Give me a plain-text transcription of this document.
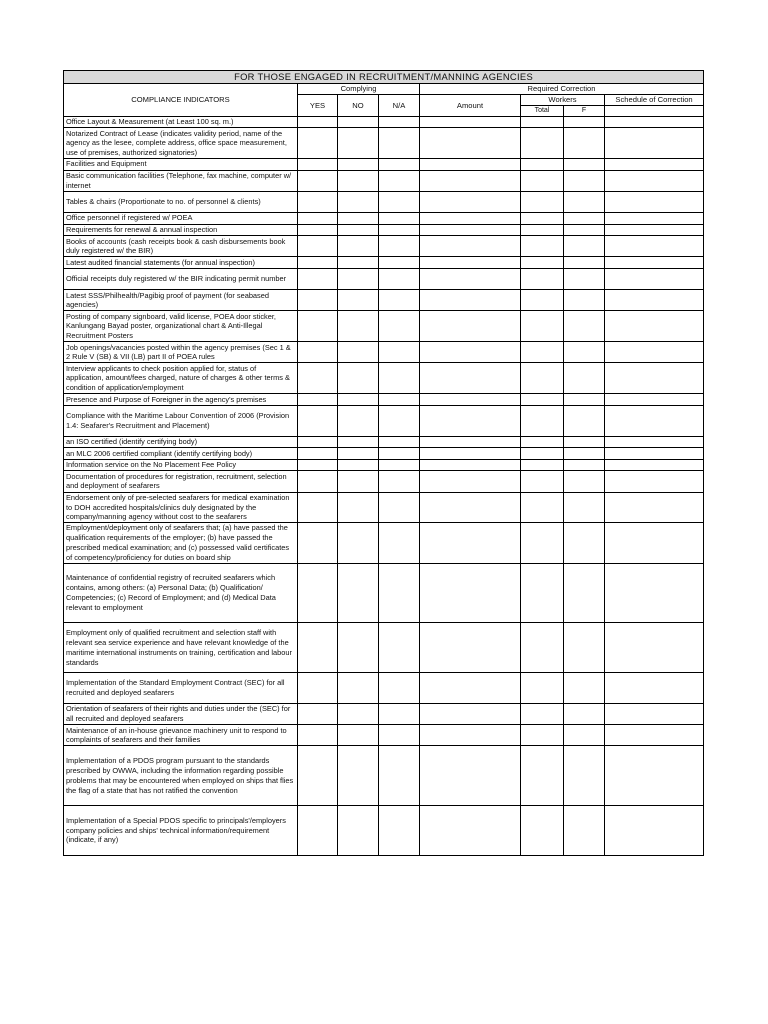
FOR THOSE ENGAGED IN RECRUITMENT/MANNING AGENCIES							
COMPLIANCE INDICATORS	Complying			Required Correction			
	YES	NO	N/A	Amount	Workers		Schedule of Correction
					Total	F	
Office Layout & Measurement (at Least 100 sq. m.)							
Notarized Contract of Lease (indicates validity period, name of the agency as the lesee, complete address, office space measurement, use of premises, authorized signatories)							
Facilities and Equipment							
Basic communication facilities (Telephone, fax machine, computer w/ internet							
Tables & chairs (Proportionate to no. of personnel & clients)							
Office personnel if registered w/ POEA							
Requirements for renewal & annual inspection							
Books of accounts (cash receipts book & cash disbursements book duly registered w/ the BIR)							
Latest audited financial statements (for annual inspection)							
Official receipts duly registered w/ the BIR indicating permit number							
Latest SSS/Philhealth/Pagibig proof of payment (for seabased agencies)							
Posting of company signboard, valid license, POEA door sticker, Kanlungang Bayad poster, organizational chart & Anti-Illegal Recruitment Posters							
Job openings/vacancies posted within the agency premises (Sec 1 & 2 Rule V (SB) & VII (LB) part II of POEA rules							
Interview applicants to check position applied for, status of application, amount/fees charged, nature of charges & other terms & condition of application/employment							
Presence and Purpose of Foreigner in the agency's premises							
Compliance with the Maritime Labour Convention of 2006 (Provision 1.4: Seafarer's Recruitment and Placement)							
an ISO certified (identify certifying body)							
an MLC 2006 certified compliant (identify certifying body)							
Information service on the No Placement Fee Policy							
Documentation of procedures for registration, recruitment, selection and deployment of seafarers							
Endorsement only of pre-selected seafarers for medical examination to DOH accredited hospitals/clinics duly designated by the company/manning agency without cost to the seafarers							
Employment/deployment only of seafarers that; (a) have passed the qualification requirements of the employer; (b) have passed the prescribed medical examination; and (c) possessed valid certificates of competency/proficiency for duties on board ship							
Maintenance of confidential registry of recruited seafarers which contains, among others: (a) Personal Data; (b) Qualification/ Competencies; (c) Record of Employment; and (d) Medical Data relevant to employment							
Employment only of qualified recruitment and selection staff with relevant sea service experience and have relevant knowledge of the maritime international instruments on training, certification and labour standards							
Implementation of the Standard Employment Contract (SEC) for all recruited and deployed seafarers							
Orientation of seafarers of their rights and duties under the (SEC) for all recruited and deployed seafarers							
Maintenance of an in-house grievance machinery unit to respond to complaints of seafarers and their families							
Implementation of a PDOS program pursuant to the standards prescribed by OWWA, including the information regarding possible problems that may be encountered when employed on ships that flies the flag of a state that has not ratified the convention							
Implementation of a Special PDOS specific to principals'/employers company policies and ships' technical information/requirement (indicate, if any)							
